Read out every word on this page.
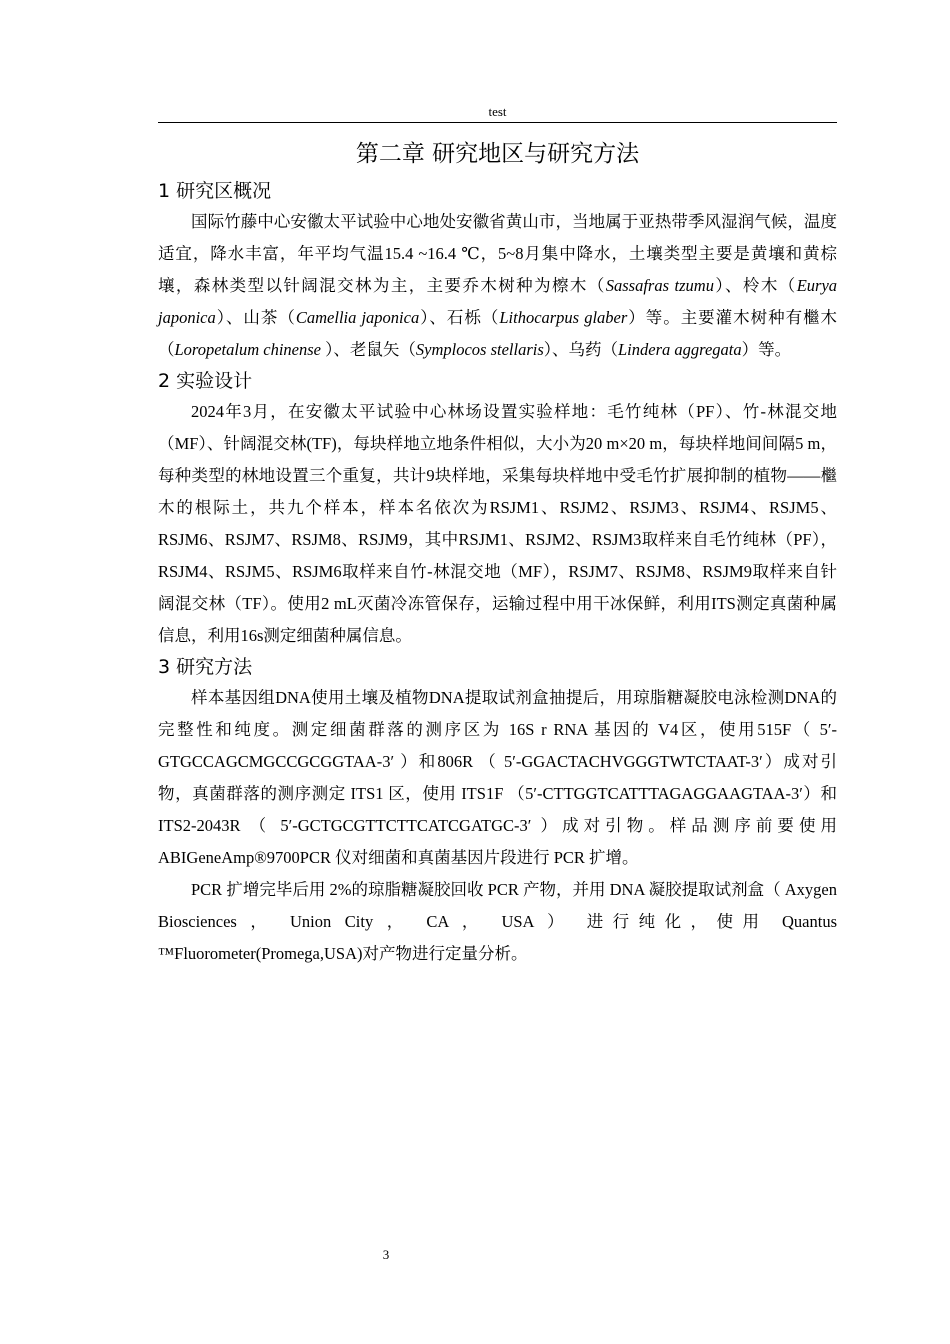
test
第二章 研究地区与研究方法
1 研究区概况

国际竹藤中心安徽太平试验中心地处安徽省黄山市，当地属于亚热带季风湿润气候，温度适宜，降水丰富，年平均气温15.4 ~16.4 ℃，5~8月集中降水，土壤类型主要是黄壤和黄棕壤，森林类型以针阔混交林为主，主要乔木树种为檫木（Sassafras tzumu）、柃木（Eurya japonica）、山茶（Camellia japonica）、石栎（Lithocarpus glaber）等。主要灌木树种有檵木（Loropetalum chinense ）、老鼠矢（Symplocos stellaris）、乌药（Lindera aggregata）等。

2 实验设计

2024年3月，在安徽太平试验中心林场设置实验样地：毛竹纯林（PF）、竹-林混交地（MF）、针阔混交林(TF)，每块样地立地条件相似，大小为20 m×20 m，每块样地间间隔5 m，每种类型的林地设置三个重复，共计9块样地，采集每块样地中受毛竹扩展抑制的植物——檵木的根际土，共九个样本，样本名依次为RSJM1、RSJM2、RSJM3、RSJM4、RSJM5、RSJM6、RSJM7、RSJM8、RSJM9，其中RSJM1、RSJM2、RSJM3取样来自毛竹纯林（PF），RSJM4、RSJM5、RSJM6取样来自竹-林混交地（MF），RSJM7、RSJM8、RSJM9取样来自针阔混交林（TF）。使用2 mL灭菌冷冻管保存，运输过程中用干冰保鲜，利用ITS测定真菌种属信息，利用16s测定细菌种属信息。

3 研究方法

样本基因组DNA使用土壤及植物DNA提取试剂盒抽提后，用琼脂糖凝胶电泳检测DNA的完整性和纯度。测定细菌群落的测序区为 16S r RNA 基因的 V4区，使用515F（ 5′-GTGCCAGCMGCCGCGGTAA-3′ ）和806R （ 5′-GGACTACHVGGGTWTCTAAT-3′）成对引物，真菌群落的测序测定 ITS1 区，使用 ITS1F （5′-CTTGGTCATTTAGAGGAAGTAA-3′）和ITS2-2043R （ 5′-GCTGCGTTCTTCATCGATGC-3′ ）成对引物。样品测序前要使用ABIGeneAmp®9700PCR 仪对细菌和真菌基因片段进行 PCR 扩增。

PCR 扩增完毕后用 2%的琼脂糖凝胶回收 PCR 产物，并用 DNA 凝胶提取试剂盒（ Axygen Biosciences ， Union City ， CA ， USA ） 进行纯化，使用 Quantus ™Fluorometer(Promega,USA)对产物进行定量分析。

3
